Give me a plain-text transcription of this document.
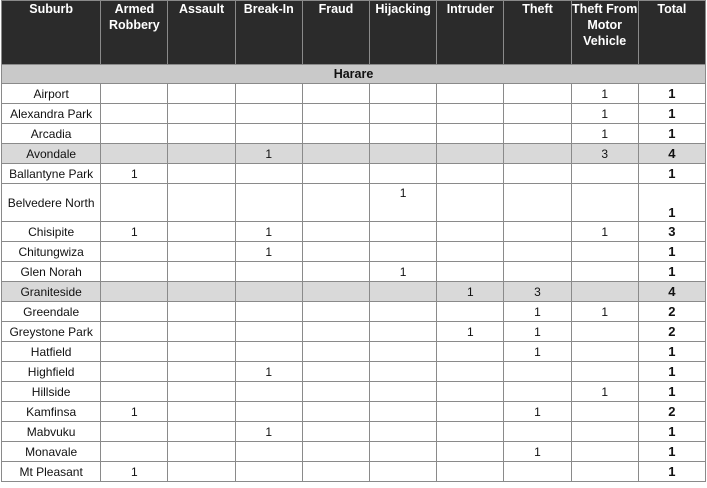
Suburb	Armed Robbery	Assault	Break-In	Fraud	Hijacking	Intruder	Theft	Theft From Motor Vehicle	Total
Harare									
Airport								1	1
Alexandra Park								1	1
Arcadia								1	1
Avondale			1					3	4
Ballantyne Park	1								1
Belvedere North					1				1
Chisipite	1		1					1	3
Chitungwiza			1						1
Glen Norah					1				1
Graniteside						1	3		4
Greendale							1	1	2
Greystone Park						1	1		2
Hatfield							1		1
Highfield			1						1
Hillside								1	1
Kamfinsa	1						1		2
Mabvuku			1						1
Monavale							1		1
Mt Pleasant	1								1
